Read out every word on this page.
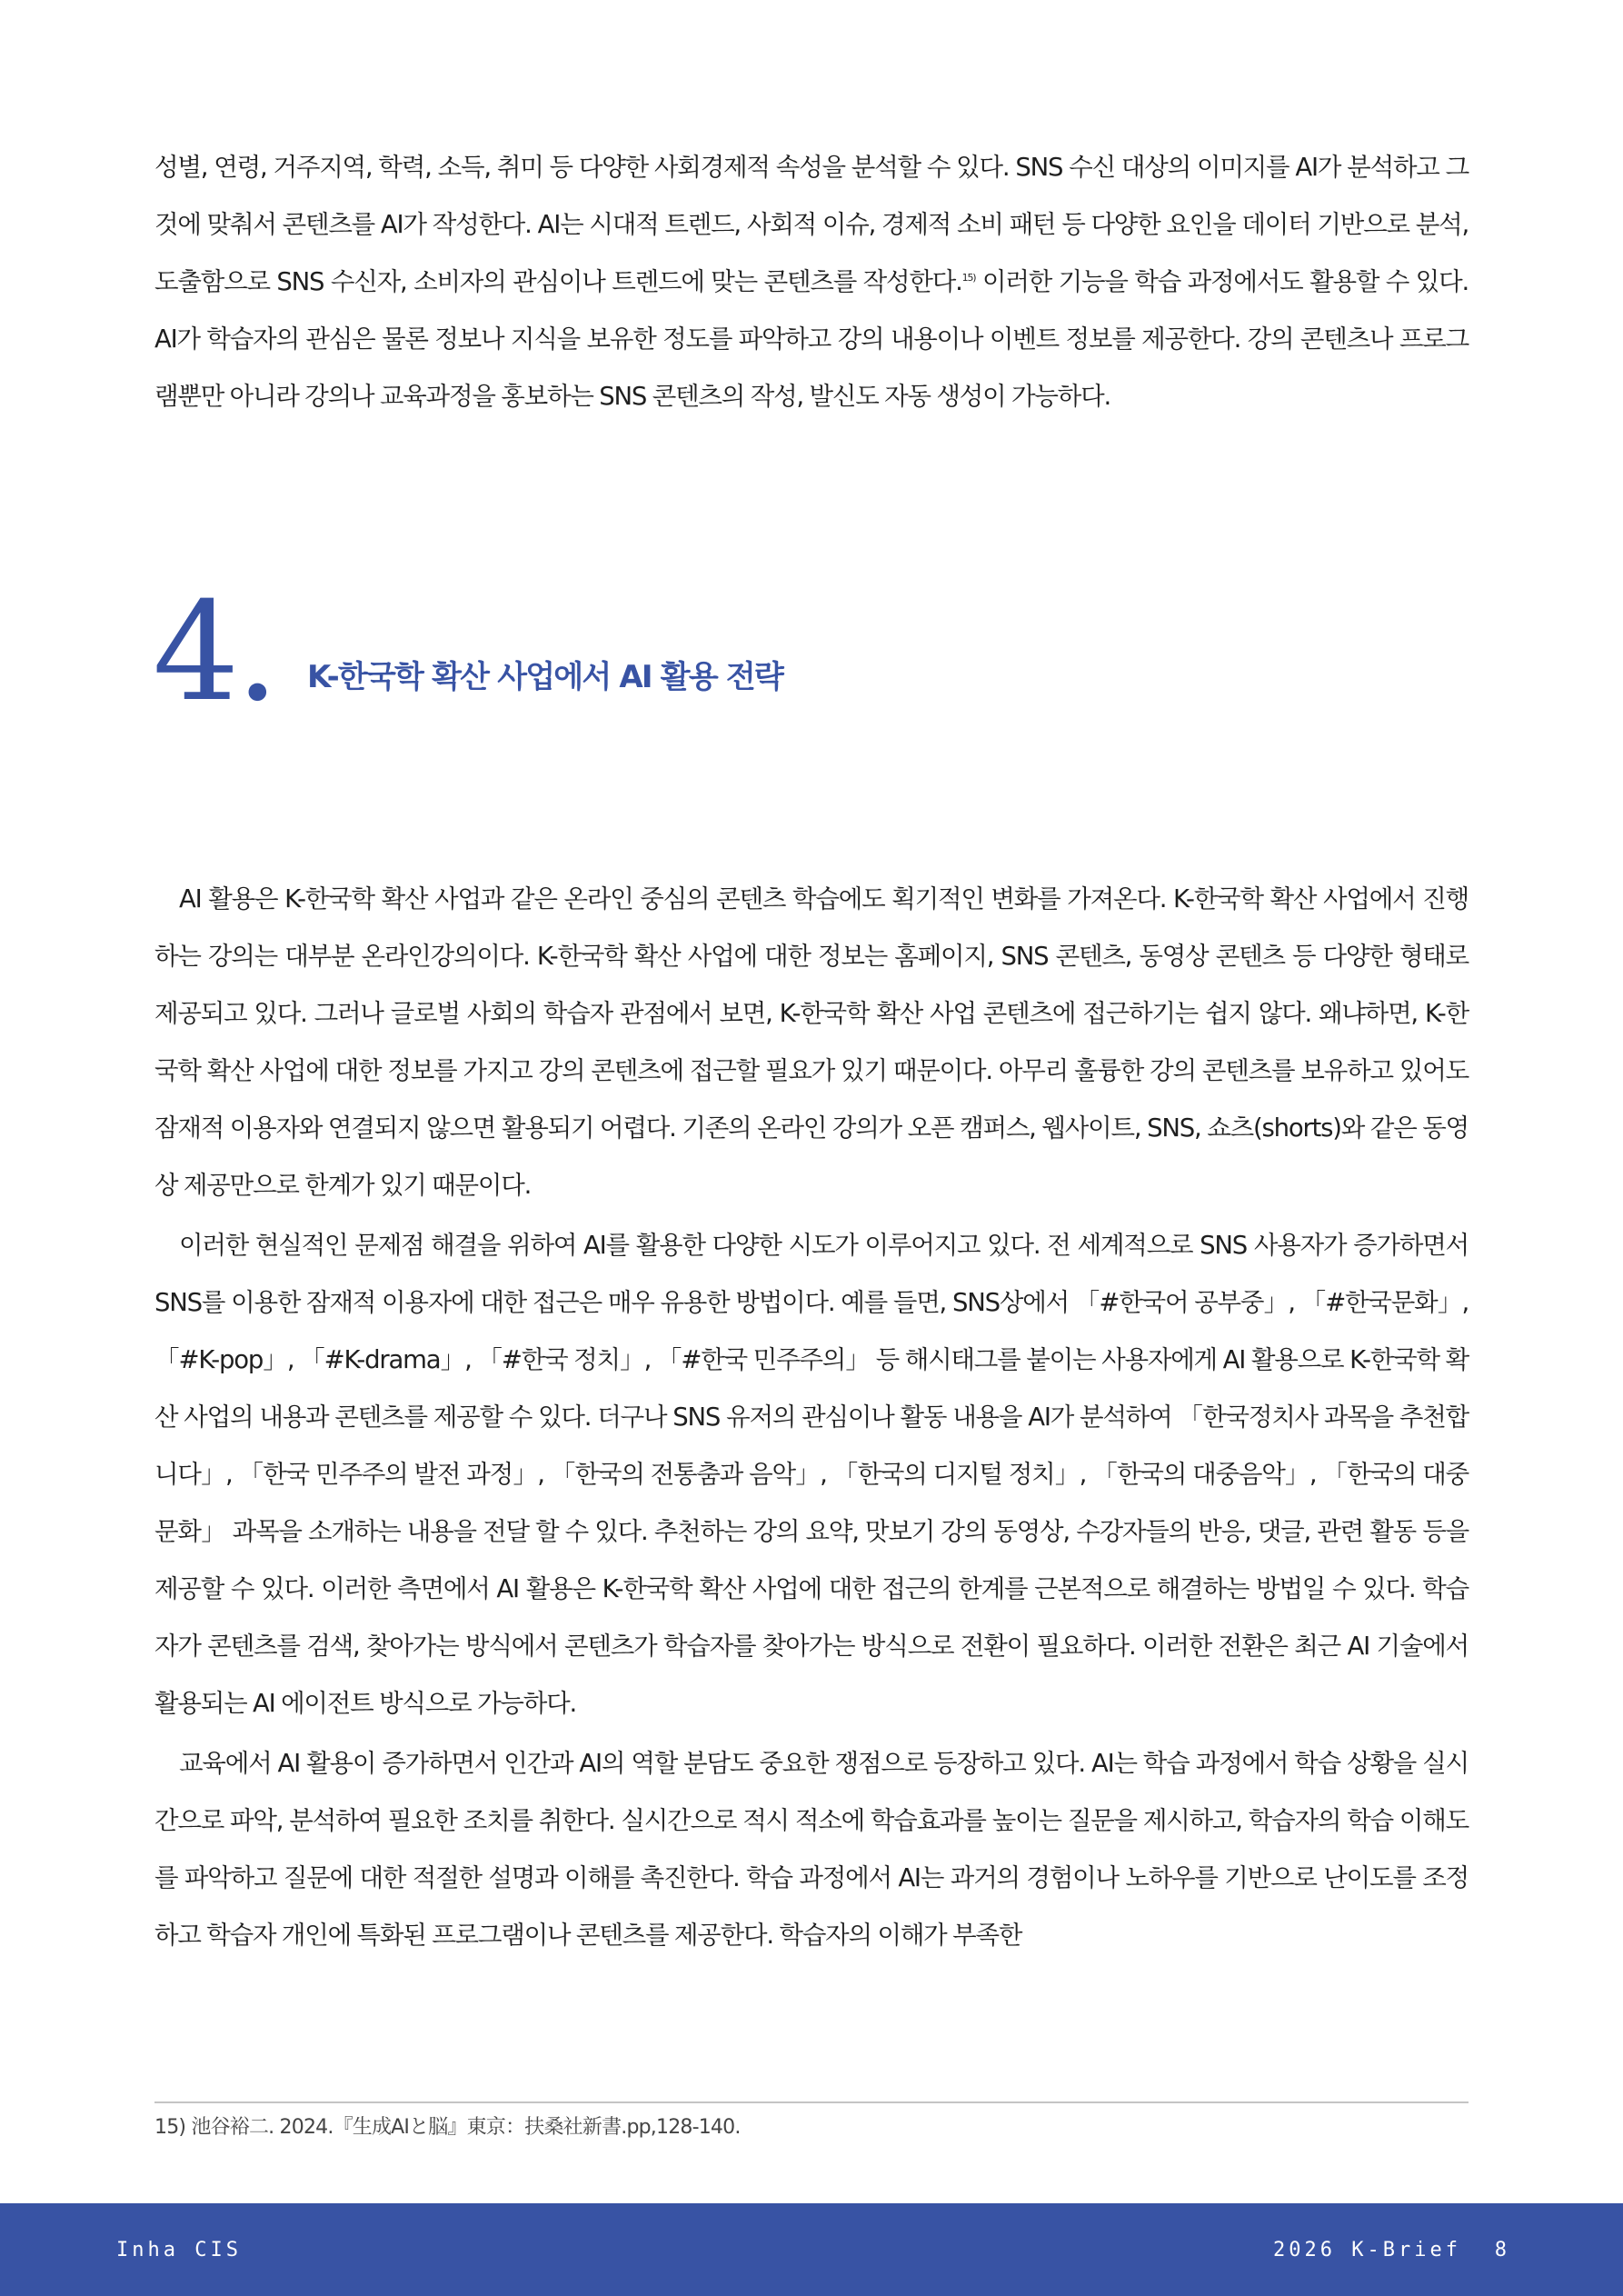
성별, 연령, 거주지역, 학력, 소득, 취미 등 다양한 사회경제적 속성을 분석할 수 있다. SNS 수신 대상의 이미지를 AI가 분석하고 그것에 맞춰서 콘텐츠를 AI가 작성한다. AI는 시대적 트렌드, 사회적 이슈, 경제적 소비 패턴 등 다양한 요인을 데이터 기반으로 분석, 도출함으로 SNS 수신자, 소비자의 관심이나 트렌드에 맞는 콘텐츠를 작성한다.$^{15)}$ 이러한 기능을 학습 과정에서도 활용할 수 있다. AI가 학습자의 관심은 물론 정보나 지식을 보유한 정도를 파악하고 강의 내용이나 이벤트 정보를 제공한다. 강의 콘텐츠나 프로그램뿐만 아니라 강의나 교육과정을 홍보하는 SNS 콘텐츠의 작성, 발신도 자동 생성이 가능하다.

4. K-한국학 확산 사업에서 AI 활용 전략

AI 활용은 K-한국학 확산 사업과 같은 온라인 중심의 콘텐츠 학습에도 획기적인 변화를 가져온다. K-한국학 확산 사업에서 진행하는 강의는 대부분 온라인강의이다. K-한국학 확산 사업에 대한 정보는 홈페이지, SNS 콘텐츠, 동영상 콘텐츠 등 다양한 형태로 제공되고 있다. 그러나 글로벌 사회의 학습자 관점에서 보면, K-한국학 확산 사업 콘텐츠에 접근하기는 쉽지 않다. 왜냐하면, K-한국학 확산 사업에 대한 정보를 가지고 강의 콘텐츠에 접근할 필요가 있기 때문이다. 아무리 훌륭한 강의 콘텐츠를 보유하고 있어도 잠재적 이용자와 연결되지 않으면 활용되기 어렵다. 기존의 온라인 강의가 오픈 캠퍼스, 웹사이트, SNS, 쇼츠(shorts)와 같은 동영상 제공만으로 한계가 있기 때문이다.

이러한 현실적인 문제점 해결을 위하여 AI를 활용한 다양한 시도가 이루어지고 있다. 전 세계적으로 SNS 사용자가 증가하면서 SNS를 이용한 잠재적 이용자에 대한 접근은 매우 유용한 방법이다. 예를 들면, SNS상에서 「#한국어 공부중」, 「#한국문화」, 「#K-pop」, 「#K-drama」, 「#한국 정치」, 「#한국 민주주의」 등 해시태그를 붙이는 사용자에게 AI 활용으로 K-한국학 확산 사업의 내용과 콘텐츠를 제공할 수 있다. 더구나 SNS 유저의 관심이나 활동 내용을 AI가 분석하여 「한국정치사 과목을 추천합니다」, 「한국 민주주의 발전 과정」, 「한국의 전통춤과 음악」, 「한국의 디지털 정치」, 「한국의 대중음악」, 「한국의 대중문화」 과목을 소개하는 내용을 전달 할 수 있다. 추천하는 강의 요약, 맛보기 강의 동영상, 수강자들의 반응, 댓글, 관련 활동 등을 제공할 수 있다. 이러한 측면에서 AI 활용은 K-한국학 확산 사업에 대한 접근의 한계를 근본적으로 해결하는 방법일 수 있다. 학습자가 콘텐츠를 검색, 찾아가는 방식에서 콘텐츠가 학습자를 찾아가는 방식으로 전환이 필요하다. 이러한 전환은 최근 AI 기술에서 활용되는 AI 에이전트 방식으로 가능하다.

교육에서 AI 활용이 증가하면서 인간과 AI의 역할 분담도 중요한 쟁점으로 등장하고 있다. AI는 학습 과정에서 학습 상황을 실시간으로 파악, 분석하여 필요한 조치를 취한다. 실시간으로 적시 적소에 학습효과를 높이는 질문을 제시하고, 학습자의 학습 이해도를 파악하고 질문에 대한 적절한 설명과 이해를 촉진한다. 학습 과정에서 AI는 과거의 경험이나 노하우를 기반으로 난이도를 조정하고 학습자 개인에 특화된 프로그램이나 콘텐츠를 제공한다. 학습자의 이해가 부족한

15) 池谷裕二. 2024.『生成AIと脳』東京：扶桑社新書.pp,128-140.
Inha CIS	2026 K-Brief 8
